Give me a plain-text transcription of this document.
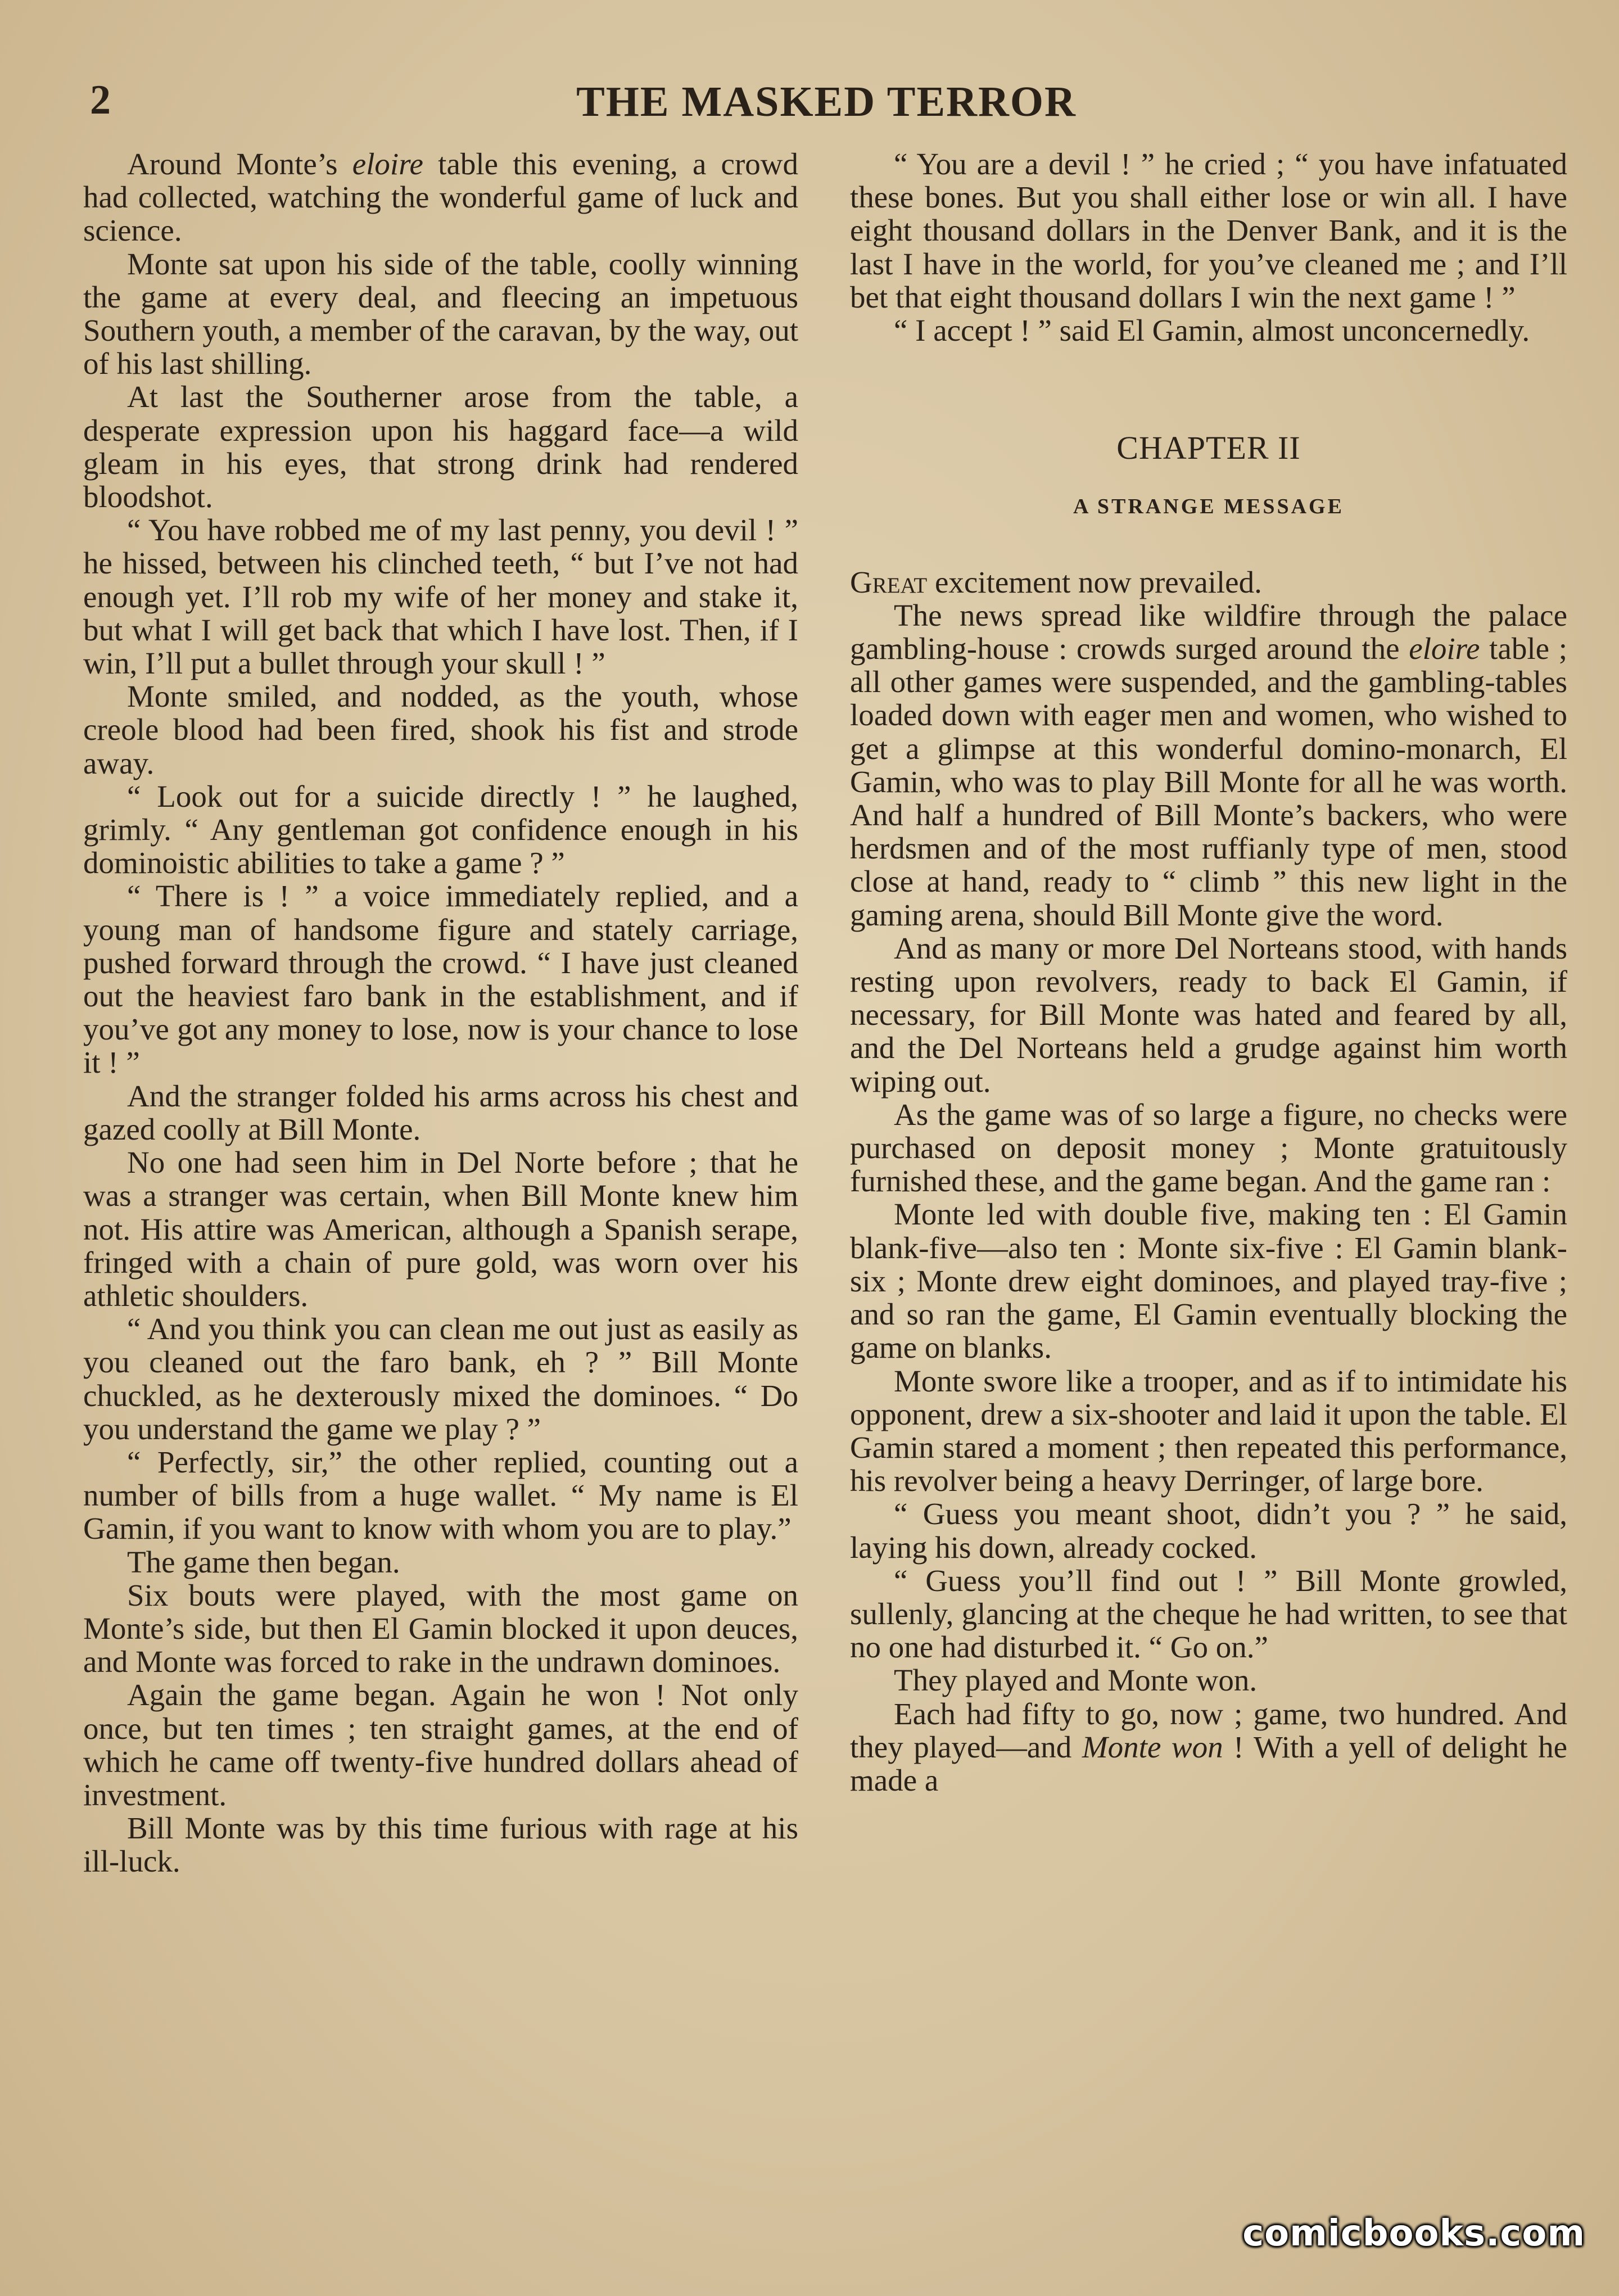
2	THE MASKED TERROR

Around Monte’s eloire table this evening, a crowd had collected, watching the wonderful game of luck and science.

Monte sat upon his side of the table, coolly winning the game at every deal, and fleecing an impetuous Southern youth, a member of the caravan, by the way, out of his last shilling.

At last the Southerner arose from the table, a desperate expression upon his haggard face—a wild gleam in his eyes, that strong drink had rendered bloodshot.

“ You have robbed me of my last penny, you devil ! ” he hissed, between his clinched teeth, “ but I’ve not had enough yet. I’ll rob my wife of her money and stake it, but what I will get back that which I have lost. Then, if I win, I’ll put a bullet through your skull ! ”

Monte smiled, and nodded, as the youth, whose creole blood had been fired, shook his fist and strode away.

“ Look out for a suicide directly ! ” he laughed, grimly. “ Any gentleman got confidence enough in his dominoistic abilities to take a game ? ”

“ There is ! ” a voice immediately replied, and a young man of handsome figure and stately carriage, pushed forward through the crowd. “ I have just cleaned out the heaviest faro bank in the establishment, and if you’ve got any money to lose, now is your chance to lose it ! ”

And the stranger folded his arms across his chest and gazed coolly at Bill Monte.

No one had seen him in Del Norte before ; that he was a stranger was certain, when Bill Monte knew him not. His attire was American, although a Spanish serape, fringed with a chain of pure gold, was worn over his athletic shoulders.

“ And you think you can clean me out just as easily as you cleaned out the faro bank, eh ? ” Bill Monte chuckled, as he dexterously mixed the dominoes. “ Do you understand the game we play ? ”

“ Perfectly, sir,” the other replied, counting out a number of bills from a huge wallet. “ My name is El Gamin, if you want to know with whom you are to play.”

The game then began.

Six bouts were played, with the most game on Monte’s side, but then El Gamin blocked it upon deuces, and Monte was forced to rake in the undrawn dominoes.

Again the game began. Again he won ! Not only once, but ten times ; ten straight games, at the end of which he came off twenty-five hundred dollars ahead of investment.

Bill Monte was by this time furious with rage at his ill-luck.

“ You are a devil ! ” he cried ; “ you have infatuated these bones. But you shall either lose or win all. I have eight thousand dollars in the Denver Bank, and it is the last I have in the world, for you’ve cleaned me ; and I’ll bet that eight thousand dollars I win the next game ! ”

“ I accept ! ” said El Gamin, almost unconcernedly.

CHAPTER II
A STRANGE MESSAGE

Great excitement now prevailed.

The news spread like wildfire through the palace gambling-house : crowds surged around the eloire table ; all other games were suspended, and the gambling-tables loaded down with eager men and women, who wished to get a glimpse at this wonderful domino-monarch, El Gamin, who was to play Bill Monte for all he was worth. And half a hundred of Bill Monte’s backers, who were herdsmen and of the most ruffianly type of men, stood close at hand, ready to “ climb ” this new light in the gaming arena, should Bill Monte give the word.

And as many or more Del Norteans stood, with hands resting upon revolvers, ready to back El Gamin, if necessary, for Bill Monte was hated and feared by all, and the Del Norteans held a grudge against him worth wiping out.

As the game was of so large a figure, no checks were purchased on deposit money ; Monte gratuitously furnished these, and the game began. And the game ran :

Monte led with double five, making ten : El Gamin blank-five—also ten : Monte six-five : El Gamin blank-six ; Monte drew eight dominoes, and played tray-five ; and so ran the game, El Gamin eventually blocking the game on blanks.

Monte swore like a trooper, and as if to intimidate his opponent, drew a six-shooter and laid it upon the table. El Gamin stared a moment ; then repeated this performance, his revolver being a heavy Derringer, of large bore.

“ Guess you meant shoot, didn’t you ? ” he said, laying his down, already cocked.

“ Guess you’ll find out ! ” Bill Monte growled, sullenly, glancing at the cheque he had written, to see that no one had disturbed it. “ Go on.”

They played and Monte won.

Each had fifty to go, now ; game, two hundred. And they played—and Monte won ! With a yell of delight he made a

comicbooks.com
